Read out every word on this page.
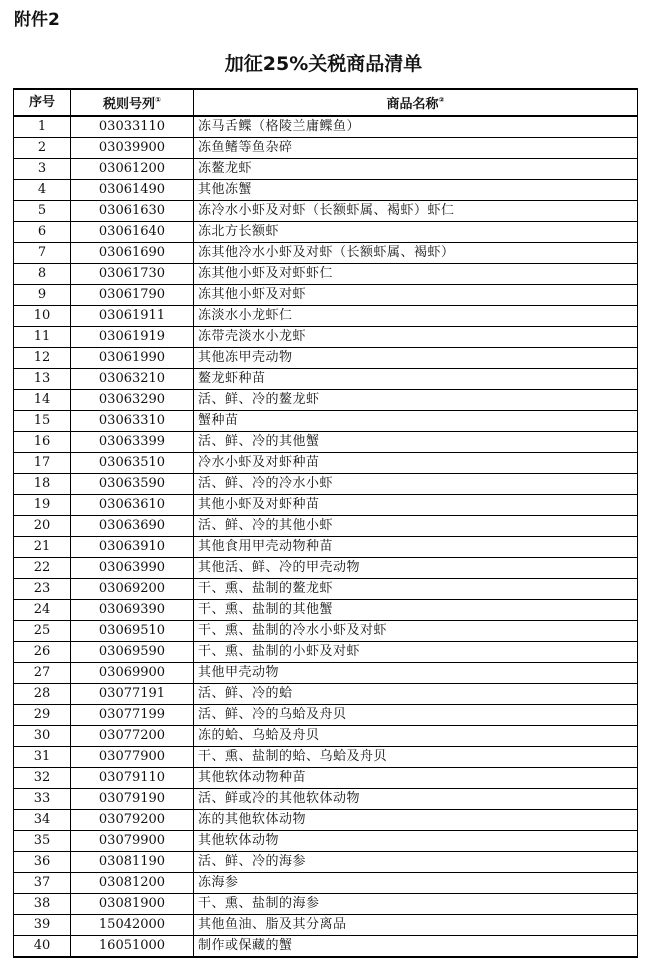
附件2
加征25%关税商品清单
序号	税则号列①	商品名称②
1	03033110	冻马舌鲽（格陵兰庸鲽鱼）
2	03039900	冻鱼鳍等鱼杂碎
3	03061200	冻鳌龙虾
4	03061490	其他冻蟹
5	03061630	冻冷水小虾及对虾（长额虾属、褐虾）虾仁
6	03061640	冻北方长额虾
7	03061690	冻其他冷水小虾及对虾（长额虾属、褐虾）
8	03061730	冻其他小虾及对虾虾仁
9	03061790	冻其他小虾及对虾
10	03061911	冻淡水小龙虾仁
11	03061919	冻带壳淡水小龙虾
12	03061990	其他冻甲壳动物
13	03063210	鳌龙虾种苗
14	03063290	活、鲜、冷的鳌龙虾
15	03063310	蟹种苗
16	03063399	活、鲜、冷的其他蟹
17	03063510	冷水小虾及对虾种苗
18	03063590	活、鲜、冷的冷水小虾
19	03063610	其他小虾及对虾种苗
20	03063690	活、鲜、冷的其他小虾
21	03063910	其他食用甲壳动物种苗
22	03063990	其他活、鲜、冷的甲壳动物
23	03069200	干、熏、盐制的鳌龙虾
24	03069390	干、熏、盐制的其他蟹
25	03069510	干、熏、盐制的冷水小虾及对虾
26	03069590	干、熏、盐制的小虾及对虾
27	03069900	其他甲壳动物
28	03077191	活、鲜、冷的蛤
29	03077199	活、鲜、冷的乌蛤及舟贝
30	03077200	冻的蛤、乌蛤及舟贝
31	03077900	干、熏、盐制的蛤、乌蛤及舟贝
32	03079110	其他软体动物种苗
33	03079190	活、鲜或冷的其他软体动物
34	03079200	冻的其他软体动物
35	03079900	其他软体动物
36	03081190	活、鲜、冷的海参
37	03081200	冻海参
38	03081900	干、熏、盐制的海参
39	15042000	其他鱼油、脂及其分离品
40	16051000	制作或保藏的蟹
